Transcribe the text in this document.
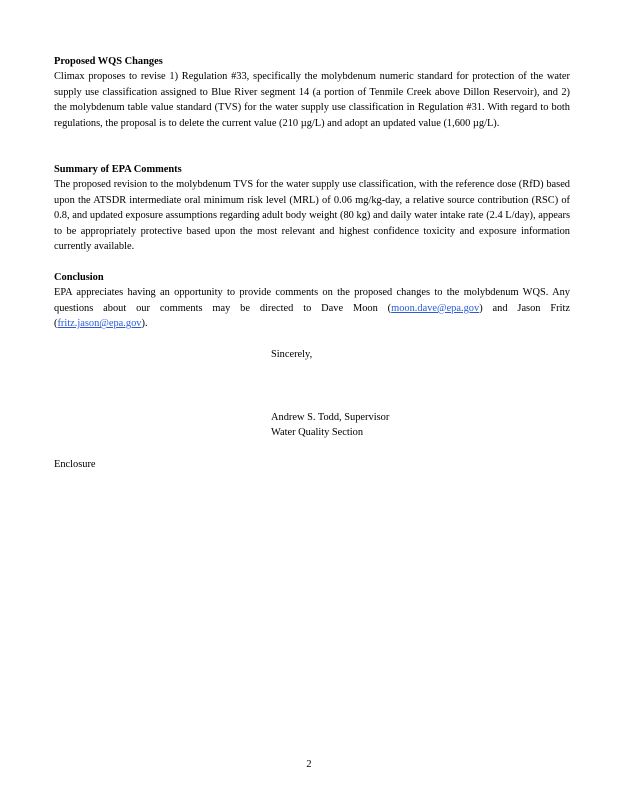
Proposed WQS Changes

Climax proposes to revise 1) Regulation #33, specifically the molybdenum numeric standard for protection of the water supply use classification assigned to Blue River segment 14 (a portion of Tenmile Creek above Dillon Reservoir), and 2) the molybdenum table value standard (TVS) for the water supply use classification in Regulation #31. With regard to both regulations, the proposal is to delete the current value (210 µg/L) and adopt an updated value (1,600 µg/L).

Summary of EPA Comments

The proposed revision to the molybdenum TVS for the water supply use classification, with the reference dose (RfD) based upon the ATSDR intermediate oral minimum risk level (MRL) of 0.06 mg/kg-day, a relative source contribution (RSC) of 0.8, and updated exposure assumptions regarding adult body weight (80 kg) and daily water intake rate (2.4 L/day), appears to be appropriately protective based upon the most relevant and highest confidence toxicity and exposure information currently available.

Conclusion

EPA appreciates having an opportunity to provide comments on the proposed changes to the molybdenum WQS. Any questions about our comments may be directed to Dave Moon (moon.dave@epa.gov) and Jason Fritz (fritz.jason@epa.gov).

Sincerely,
Andrew S. Todd, Supervisor
Water Quality Section
Enclosure
2
